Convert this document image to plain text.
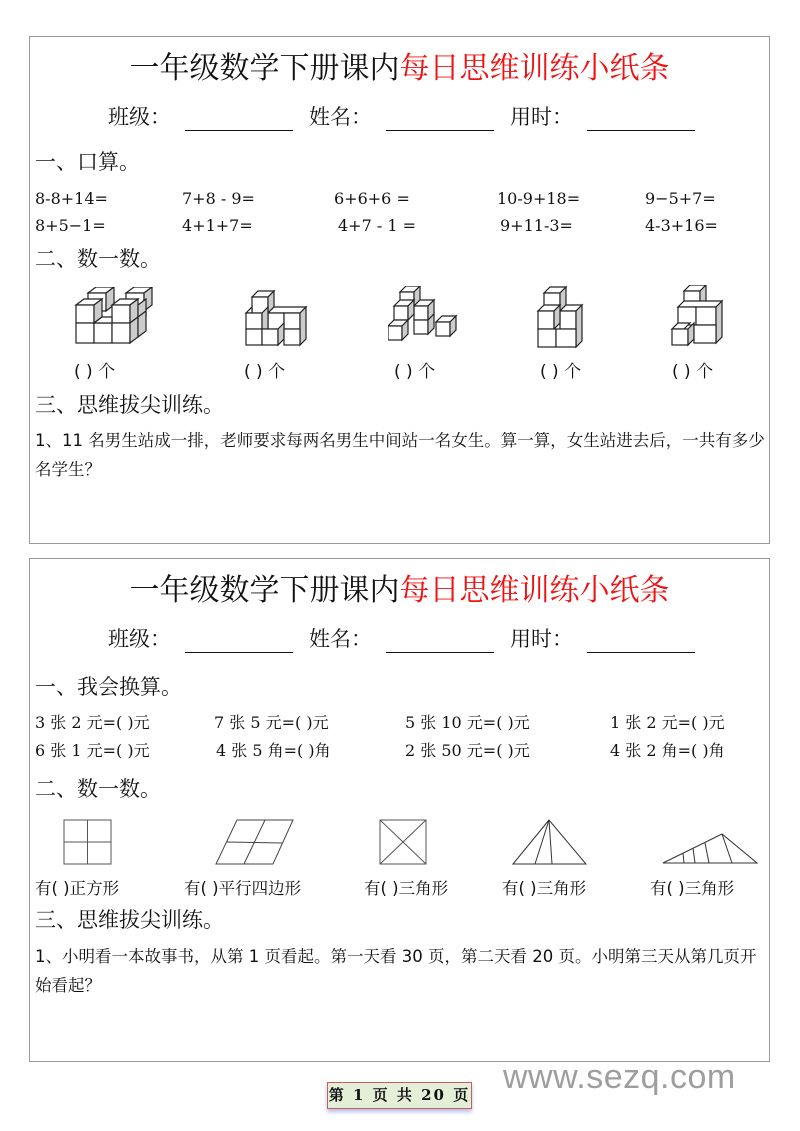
一年级数学下册课内每日思维训练小纸条
班级：	姓名：	用时：
一、口算。
8-8+14=	7+8 - 9=	6+6+6 =	10-9+18=	9−5+7=
8+5−1=	4+1+7=	4+7 - 1 =	9+11-3=	4-3+16=
二、数一数。
( ) 个	( ) 个	( ) 个	( ) 个	( ) 个
三、思维拔尖训练。
1、11 名男生站成一排，老师要求每两名男生中间站一名女生。算一算，女生站进去后，一共有多少名学生？
一年级数学下册课内每日思维训练小纸条
班级：	姓名：	用时：
一、我会换算。
3 张 2 元=( )元	7 张 5 元=( )元	5 张 10 元=( )元	1 张 2 元=( )元
6 张 1 元=( )元	4 张 5 角=( )角	2 张 50 元=( )元	4 张 2 角=( )角
二、数一数。
有( )正方形	有( )平行四边形	有( )三角形	有( )三角形	有( )三角形
三、思维拔尖训练。
1、小明看一本故事书，从第 1 页看起。第一天看 30 页，第二天看 20 页。小明第三天从第几页开始看起？
第 1 页 共 20 页 www.sezq.com
